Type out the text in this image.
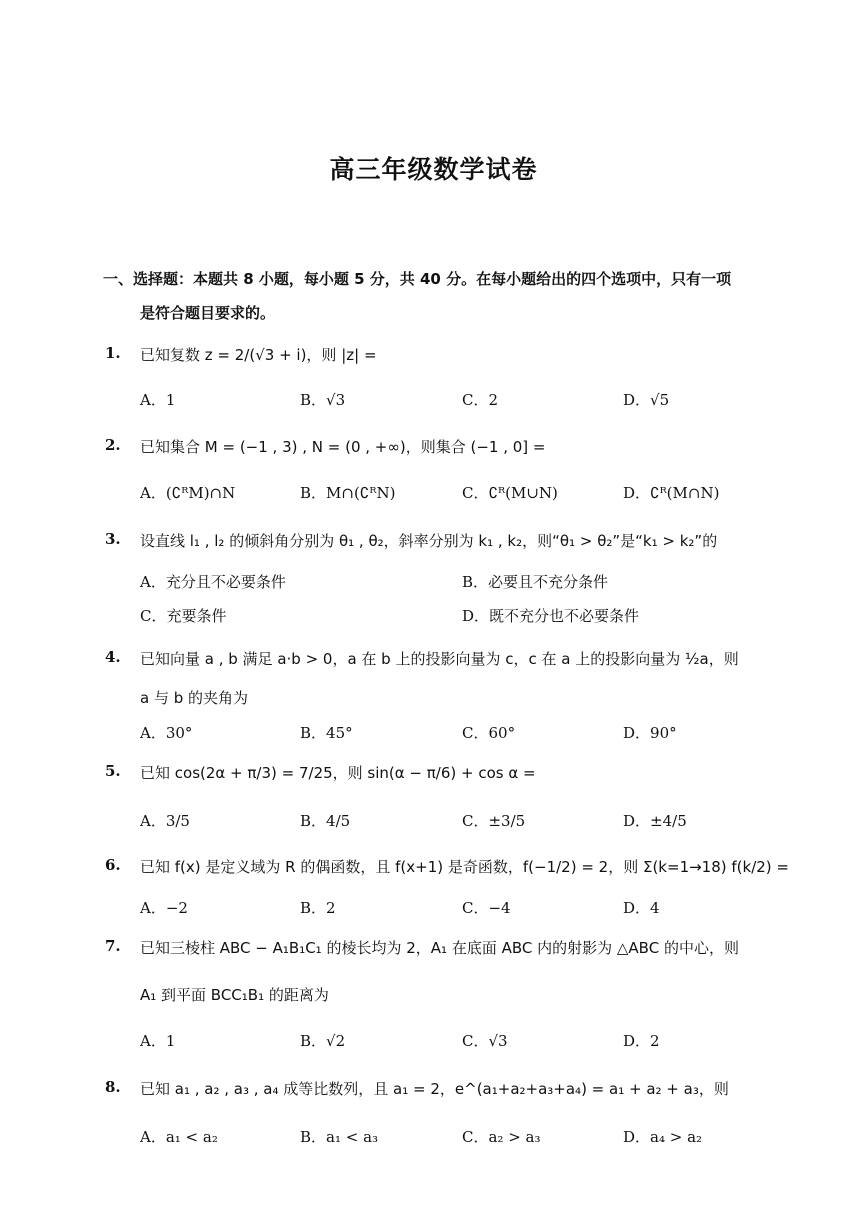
高三年级数学试卷
一、选择题：本题共 8 小题，每小题 5 分，共 40 分。在每小题给出的四个选项中，只有一项
是符合题目要求的。
1. 已知复数 z = 2/(√3 + i)，则 |z| =
A．1	B．√3	C．2	D．√5
2. 已知集合 M = (−1 , 3) , N = (0 , +∞)，则集合 (−1 , 0] =
A．(∁ᴿM)∩N	B．M∩(∁ᴿN)	C．∁ᴿ(M∪N)	D．∁ᴿ(M∩N)
3. 设直线 l₁ , l₂ 的倾斜角分别为 θ₁ , θ₂，斜率分别为 k₁ , k₂，则“θ₁ > θ₂”是“k₁ > k₂”的
A．充分且不必要条件	B．必要且不充分条件
C．充要条件	D．既不充分也不必要条件
4. 已知向量 a , b 满足 a·b > 0，a 在 b 上的投影向量为 c，c 在 a 上的投影向量为 ½a，则
a 与 b 的夹角为
A．30°	B．45°	C．60°	D．90°
5. 已知 cos(2α + π/3) = 7/25，则 sin(α − π/6) + cos α =
A．3/5	B．4/5	C．±3/5	D．±4/5
6. 已知 f(x) 是定义域为 R 的偶函数，且 f(x+1) 是奇函数，f(−1/2) = 2，则 Σ(k=1→18) f(k/2) =
A．−2	B．2	C．−4	D．4
7. 已知三棱柱 ABC − A₁B₁C₁ 的棱长均为 2，A₁ 在底面 ABC 内的射影为 △ABC 的中心，则
A₁ 到平面 BCC₁B₁ 的距离为
A．1	B．√2	C．√3	D．2
8. 已知 a₁ , a₂ , a₃ , a₄ 成等比数列，且 a₁ = 2，e^(a₁+a₂+a₃+a₄) = a₁ + a₂ + a₃，则
A．a₁ < a₂	B．a₁ < a₃	C．a₂ > a₃	D．a₄ > a₂
